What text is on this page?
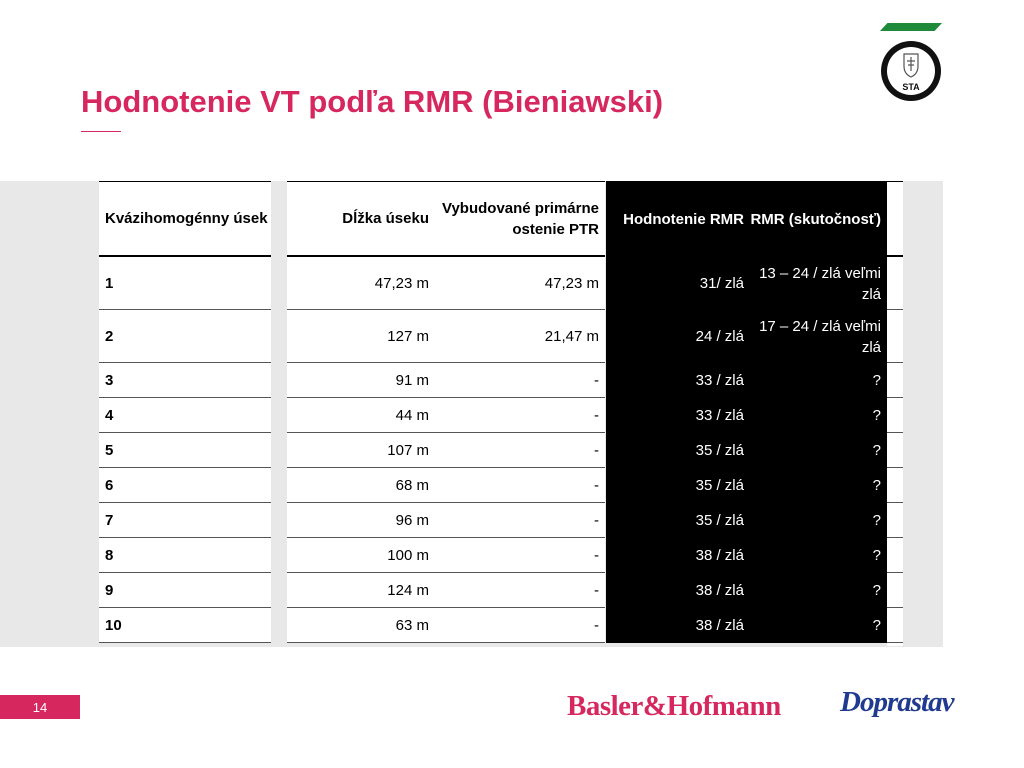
Hodnotenie VT podľa RMR (Bieniawski)	STA
Kvázihomogénny úsek
1
2
3
4
5
6
7
8
9
10
Dĺžka úseku
47,23 m
127 m
91 m
44 m
107 m
68 m
96 m
100 m
124 m
63 m
Vybudované primárne ostenie PTR
47,23 m
21,47 m
-
-
-
-
-
-
-
-
Hodnotenie RMR
31/ zlá
24 / zlá
33 / zlá
33 / zlá
35 / zlá
35 / zlá
35 / zlá
38 / zlá
38 / zlá
38 / zlá
RMR (skutočnosť)
13 – 24 / zlá veľmi zlá
17 – 24 / zlá veľmi zlá
?
?
?
?
?
?
?
?
14	Basler&Hofmann Doprastav
